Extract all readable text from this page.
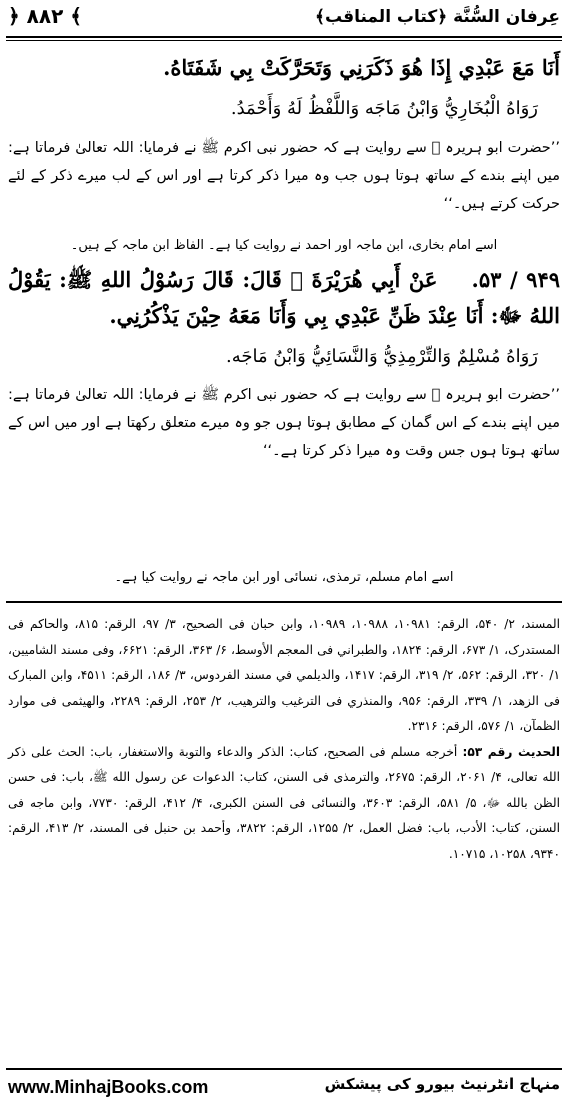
عِرفان السُّنَّة ﴿کتاب المناقب﴾
﴿ ۸۸۲ ﴾

أَنَا مَعَ عَبْدِي إِذَا هُوَ ذَكَرَنِي وَتَحَرَّكَتْ بِي شَفَتَاهُ.

رَوَاهُ الْبُخَارِيُّ وَابْنُ مَاجَه وَاللَّفْظُ لَهُ وَأَحْمَدُ.

’’حضرت ابو ہریرہ ﷛ سے روایت ہے کہ حضور نبی اکرم ﷺ نے فرمایا: اللہ تعالیٰ فرماتا ہے: میں اپنے بندے کے ساتھ ہوتا ہوں جب وہ میرا ذکر کرتا ہے اور اس کے لب میرے ذکر کے لئے حرکت کرتے ہیں۔‘‘

اسے امام بخاری، ابن ماجہ اور احمد نے روایت کیا ہے۔ الفاظ ابن ماجہ کے ہیں۔

۹۴۹ / ۵۳.    عَنْ أَبِي هُرَيْرَةَ ﷛ قَالَ: قَالَ رَسُوْلُ اللهِ ﷺ: يَقُوْلُ اللهُ ﷻ: أَنَا عِنْدَ ظَنِّ عَبْدِي بِي وَأَنَا مَعَهُ حِيْنَ يَذْكُرُنِي.

رَوَاهُ مُسْلِمٌ وَالتِّرْمِذِيُّ وَالنَّسَائِيُّ وَابْنُ مَاجَه.

’’حضرت ابو ہریرہ ﷛ سے روایت ہے کہ حضور نبی اکرم ﷺ نے فرمایا: اللہ تعالیٰ فرماتا ہے: میں اپنے بندے کے اس گمان کے مطابق ہوتا ہوں جو وہ میرے متعلق رکھتا ہے اور میں اس کے ساتھ ہوتا ہوں جس وقت وہ میرا ذکر کرتا ہے۔‘‘

اسے امام مسلم، ترمذی، نسائی اور ابن ماجہ نے روایت کیا ہے۔

المسند، ۲/ ۵۴۰، الرقم: ۱۰۹۸۱، ۱۰۹۸۸، ۱۰۹۸۹، وابن حبان فی الصحیح، ۳/ ۹۷، الرقم: ۸۱۵، والحاکم فی المستدرک، ۱/ ۶۷۳، الرقم: ۱۸۲۴، والطبراني فی المعجم الأوسط، ۶/ ۳۶۳، الرقم: ۶۶۲۱، وفی مسند الشامیین، ۱/ ۳۲۰، الرقم: ۵۶۲، ۲/ ۳۱۹، الرقم: ۱۴۱۷، والدیلمي في مسند الفردوس، ۳/ ۱۸۶، الرقم: ۴۵۱۱، وابن المبارک فی الزهد، ۱/ ۳۳۹، الرقم: ۹۵۶، والمنذري فی الترغیب والترهیب، ۲/ ۲۵۳، الرقم: ۲۲۸۹، والهیثمی فی موارد الظمآن، ۱/ ۵۷۶، الرقم: ۲۳۱۶.

الحدیث رقم ۵۳: أخرجه مسلم فی الصحیح، کتاب: الذکر والدعاء والتوبة والاستغفار، باب: الحث علی ذکر الله تعالی، ۴/ ۲۰۶۱، الرقم: ۲۶۷۵، والترمذی فی السنن، کتاب: الدعوات عن رسول الله ﷺ، باب: فی حسن الظن بالله ﷻ، ۵/ ۵۸۱، الرقم: ۳۶۰۳، والنسائی فی السنن الکبری، ۴/ ۴۱۲، الرقم: ۷۷۳۰، وابن ماجه فی السنن، کتاب: الأدب، باب: فضل العمل، ۲/ ۱۲۵۵، الرقم: ۳۸۲۲، وأحمد بن حنبل فی المسند، ۲/ ۴۱۳، الرقم: ۹۳۴۰، ۱۰۲۵۸، ۱۰۷۱۵.

www.MinhajBooks.com	منہاج انٹرنیٹ بیورو کی پیشکش
